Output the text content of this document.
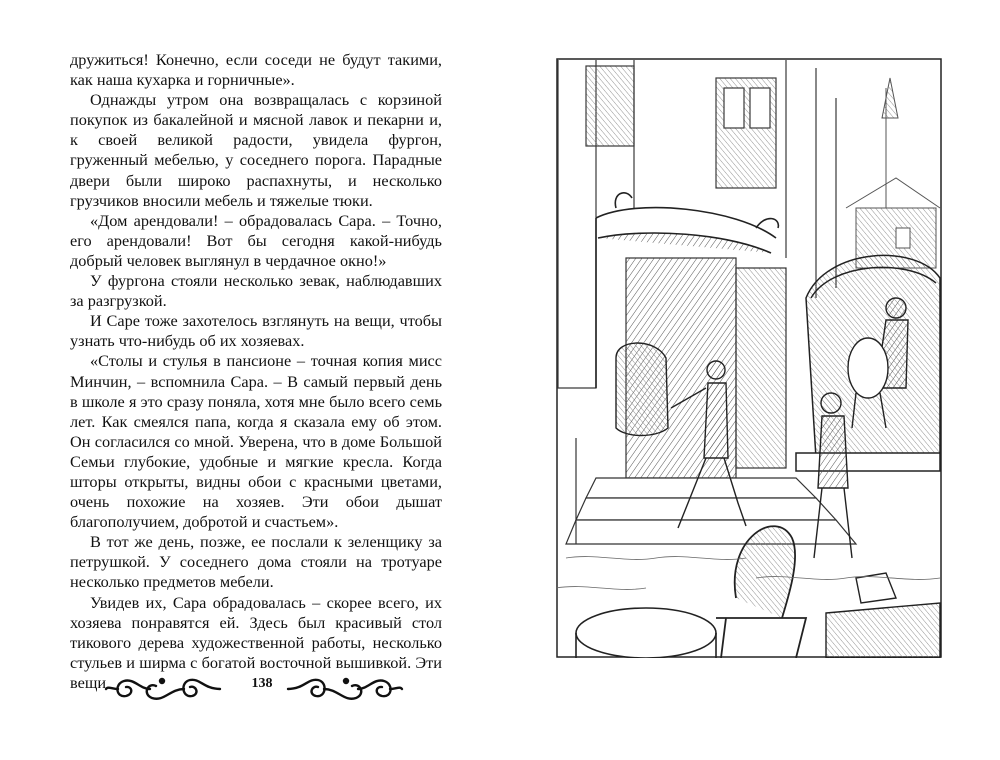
дружиться! Конечно, если соседи не будут такими, как наша кухарка и горничные».

Однажды утром она возвращалась с корзиной покупок из бакалейной и мясной лавок и пекарни и, к своей великой радости, увидела фургон, груженный мебелью, у соседнего порога. Парадные двери были широко распахнуты, и несколько грузчиков вносили мебель и тяжелые тюки.

«Дом арендовали! – обрадовалась Сара. – Точно, его арендовали! Вот бы сегодня какой-нибудь добрый человек выглянул в чердачное окно!»

У фургона стояли несколько зевак, наблюдавших за разгрузкой.

И Саре тоже захотелось взглянуть на вещи, чтобы узнать что-нибудь об их хозяевах.

«Столы и стулья в пансионе – точная копия мисс Минчин, – вспомнила Сара. – В самый первый день в школе я это сразу поняла, хотя мне было всего семь лет. Как смеялся папа, когда я сказала ему об этом. Он согласился со мной. Уверена, что в доме Большой Семьи глубокие, удобные и мягкие кресла. Когда шторы открыты, видны обои с красными цветами, очень похожие на хозяев. Эти обои дышат благополучием, добротой и счастьем».

В тот же день, позже, ее послали к зеленщику за петрушкой. У соседнего дома стояли на тротуаре несколько предметов мебели.

Увидев их, Сара обрадовалась – скорее всего, их хозяева понравятся ей. Здесь был красивый стол тикового дерева художественной работы, несколько стульев и ширма с богатой восточной вышивкой. Эти вещи	138
